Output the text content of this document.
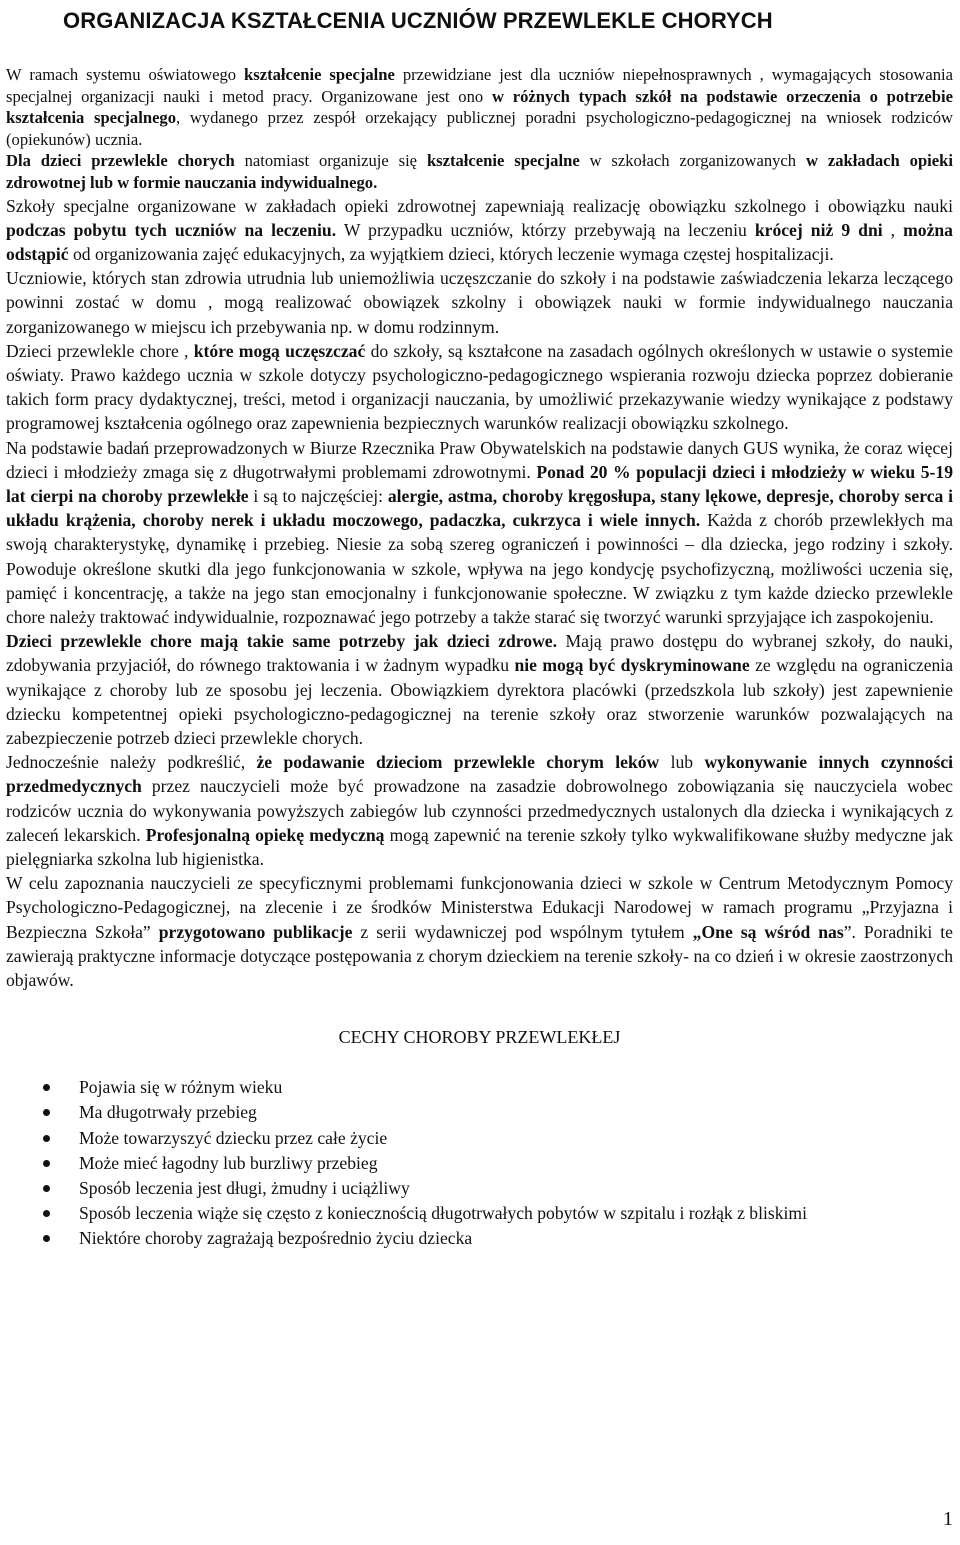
ORGANIZACJA KSZTAŁCENIA UCZNIÓW PRZEWLEKLE CHORYCH

W ramach systemu oświatowego kształcenie specjalne przewidziane jest dla uczniów niepełnosprawnych , wymagających stosowania specjalnej organizacji nauki i metod pracy. Organizowane jest ono w różnych typach szkół na podstawie orzeczenia o potrzebie kształcenia specjalnego, wydanego przez zespół orzekający publicznej poradni psychologiczno-pedagogicznej na wniosek rodziców (opiekunów) ucznia.

Dla dzieci przewlekle chorych natomiast organizuje się kształcenie specjalne w szkołach zorganizowanych w zakładach opieki zdrowotnej lub w formie nauczania indywidualnego.

Szkoły specjalne organizowane w zakładach opieki zdrowotnej zapewniają realizację obowiązku szkolnego i obowiązku nauki podczas pobytu tych uczniów na leczeniu. W przypadku uczniów, którzy przebywają na leczeniu krócej niż 9 dni , można odstąpić od organizowania zajęć edukacyjnych, za wyjątkiem dzieci, których leczenie wymaga częstej hospitalizacji.

Uczniowie, których stan zdrowia utrudnia lub uniemożliwia uczęszczanie do szkoły i na podstawie zaświadczenia lekarza leczącego powinni zostać w domu , mogą realizować obowiązek szkolny i obowiązek nauki w formie indywidualnego nauczania zorganizowanego w miejscu ich przebywania np. w domu rodzinnym.

Dzieci przewlekle chore , które mogą uczęszczać do szkoły, są kształcone na zasadach ogólnych określonych w ustawie o systemie oświaty. Prawo każdego ucznia w szkole dotyczy psychologiczno-pedagogicznego wspierania rozwoju dziecka poprzez dobieranie takich form pracy dydaktycznej, treści, metod i organizacji nauczania, by umożliwić przekazywanie wiedzy wynikające z podstawy programowej kształcenia ogólnego oraz zapewnienia bezpiecznych warunków realizacji obowiązku szkolnego.

Na podstawie badań przeprowadzonych w Biurze Rzecznika Praw Obywatelskich na podstawie danych GUS wynika, że coraz więcej dzieci i młodzieży zmaga się z długotrwałymi problemami zdrowotnymi. Ponad 20 % populacji dzieci i młodzieży w wieku 5-19 lat cierpi na choroby przewlekłe i są to najczęściej: alergie, astma, choroby kręgosłupa, stany lękowe, depresje, choroby serca i układu krążenia, choroby nerek i układu moczowego, padaczka, cukrzyca i wiele innych. Każda z chorób przewlekłych ma swoją charakterystykę, dynamikę i przebieg. Niesie za sobą szereg ograniczeń i powinności – dla dziecka, jego rodziny i szkoły. Powoduje określone skutki dla jego funkcjonowania w szkole, wpływa na jego kondycję psychofizyczną, możliwości uczenia się, pamięć i koncentrację, a także na jego stan emocjonalny i funkcjonowanie społeczne. W związku z tym każde dziecko przewlekle chore należy traktować indywidualnie, rozpoznawać jego potrzeby a także starać się tworzyć warunki sprzyjające ich zaspokojeniu.

Dzieci przewlekle chore mają takie same potrzeby jak dzieci zdrowe. Mają prawo dostępu do wybranej szkoły, do nauki, zdobywania przyjaciół, do równego traktowania i w żadnym wypadku nie mogą być dyskryminowane ze względu na ograniczenia wynikające z choroby lub ze sposobu jej leczenia. Obowiązkiem dyrektora placówki (przedszkola lub szkoły) jest zapewnienie dziecku kompetentnej opieki psychologiczno-pedagogicznej na terenie szkoły oraz stworzenie warunków pozwalających na zabezpieczenie potrzeb dzieci przewlekle chorych.

Jednocześnie należy podkreślić, że podawanie dzieciom przewlekle chorym leków lub wykonywanie innych czynności przedmedycznych przez nauczycieli może być prowadzone na zasadzie dobrowolnego zobowiązania się nauczyciela wobec rodziców ucznia do wykonywania powyższych zabiegów lub czynności przedmedycznych ustalonych dla dziecka i wynikających z zaleceń lekarskich. Profesjonalną opiekę medyczną mogą zapewnić na terenie szkoły tylko wykwalifikowane służby medyczne jak pielęgniarka szkolna lub higienistka.

W celu zapoznania nauczycieli ze specyficznymi problemami funkcjonowania dzieci w szkole w Centrum Metodycznym Pomocy Psychologiczno-Pedagogicznej, na zlecenie i ze środków Ministerstwa Edukacji Narodowej w ramach programu „Przyjazna i Bezpieczna Szkoła” przygotowano publikacje z serii wydawniczej pod wspólnym tytułem „One są wśród nas”. Poradniki te zawierają praktyczne informacje dotyczące postępowania z chorym dzieckiem na terenie szkoły- na co dzień i w okresie zaostrzonych objawów.

CECHY CHOROBY PRZEWLEKŁEJ
Pojawia się w różnym wieku
Ma długotrwały przebieg
Może towarzyszyć dziecku przez całe życie
Może mieć łagodny lub burzliwy przebieg
Sposób leczenia jest długi, żmudny i uciążliwy
Sposób leczenia wiąże się często z koniecznością długotrwałych pobytów w szpitalu i rozłąk z bliskimi
Niektóre choroby zagrażają bezpośrednio życiu dziecka
1
